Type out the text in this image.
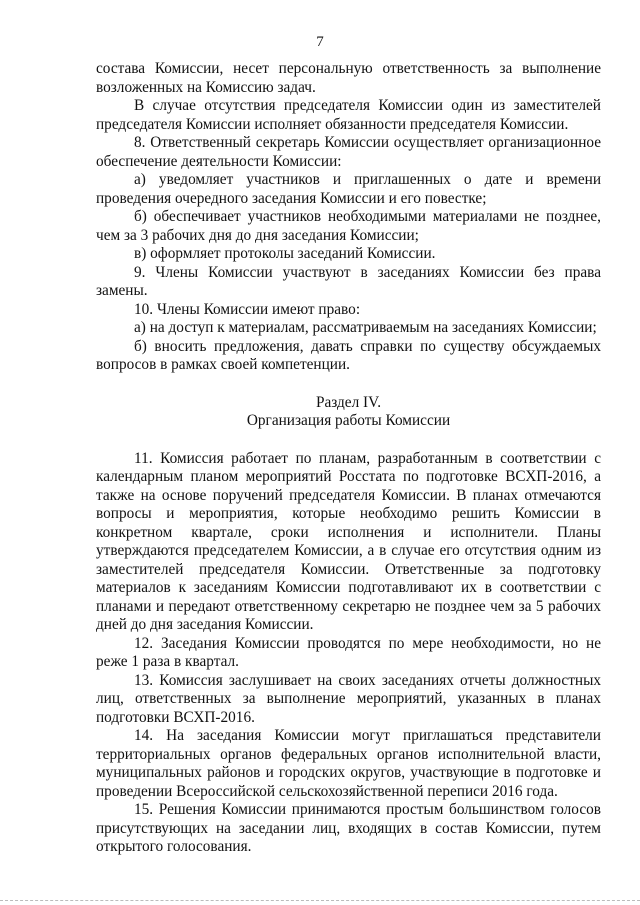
7

состава Комиссии, несет персональную ответственность за выполнение возложенных на Комиссию задач.

В случае отсутствия председателя Комиссии один из заместителей председателя Комиссии исполняет обязанности председателя Комиссии.

8. Ответственный секретарь Комиссии осуществляет организационное обеспечение деятельности Комиссии:

а) уведомляет участников и приглашенных о дате и времени проведения очередного заседания Комиссии и его повестке;

б) обеспечивает участников необходимыми материалами не позднее, чем за 3 рабочих дня до дня заседания Комиссии;

в) оформляет протоколы заседаний Комиссии.

9. Члены Комиссии участвуют в заседаниях Комиссии без права замены.

10. Члены Комиссии имеют право:

а) на доступ к материалам, рассматриваемым на заседаниях Комиссии;

б) вносить предложения, давать справки по существу обсуждаемых вопросов в рамках своей компетенции.

Раздел IV.

Организация работы Комиссии

11. Комиссия работает по планам, разработанным в соответствии с календарным планом мероприятий Росстата по подготовке ВСХП-2016, а также на основе поручений председателя Комиссии. В планах отмечаются вопросы и мероприятия, которые необходимо решить Комиссии в конкретном квартале, сроки исполнения и исполнители. Планы утверждаются председателем Комиссии, а в случае его отсутствия одним из заместителей председателя Комиссии. Ответственные за подготовку материалов к заседаниям Комиссии подготавливают их в соответствии с планами и передают ответственному секретарю не позднее чем за 5 рабочих дней до дня заседания Комиссии.

12. Заседания Комиссии проводятся по мере необходимости, но не реже 1 раза в квартал.

13. Комиссия заслушивает на своих заседаниях отчеты должностных лиц, ответственных за выполнение мероприятий, указанных в планах подготовки ВСХП-2016.

14. На заседания Комиссии могут приглашаться представители территориальных органов федеральных органов исполнительной власти, муниципальных районов и городских округов, участвующие в подготовке и проведении Всероссийской сельскохозяйственной переписи 2016 года.

15. Решения Комиссии принимаются простым большинством голосов присутствующих на заседании лиц, входящих в состав Комиссии, путем открытого голосования.
